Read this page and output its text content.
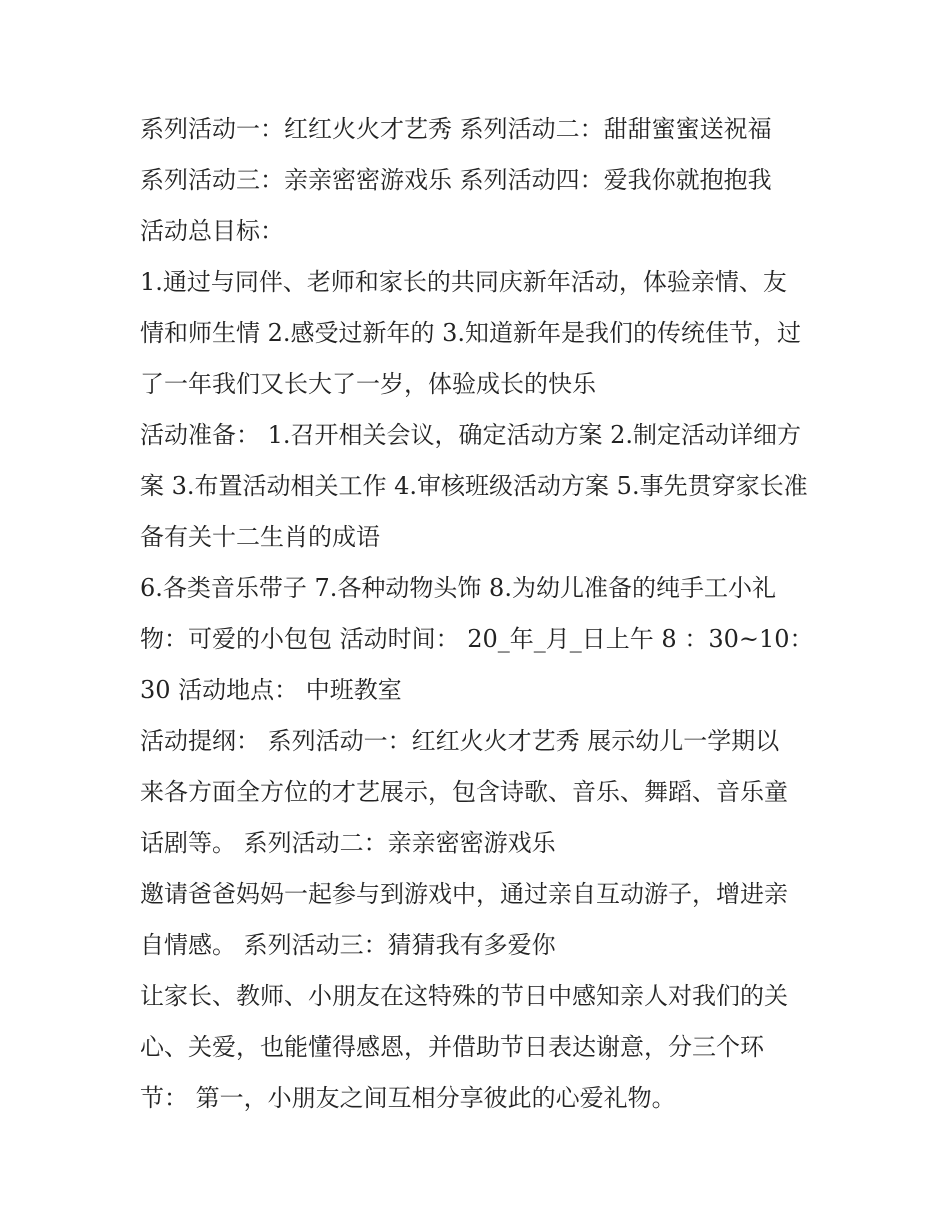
系列活动一：红红火火才艺秀 系列活动二：甜甜蜜蜜送祝福
系列活动三：亲亲密密游戏乐 系列活动四：爱我你就抱抱我
活动总目标：
1.通过与同伴、老师和家长的共同庆新年活动，体验亲情、友
情和师生情 2.感受过新年的 3.知道新年是我们的传统佳节，过
了一年我们又长大了一岁，体验成长的快乐
活动准备： 1.召开相关会议，确定活动方案 2.制定活动详细方
案 3.布置活动相关工作 4.审核班级活动方案 5.事先贯穿家长准
备有关十二生肖的成语
6.各类音乐带子 7.各种动物头饰 8.为幼儿准备的纯手工小礼
物：可爱的小包包 活动时间： 20_年_月_日上午 8 ：30~10：
30 活动地点： 中班教室
活动提纲： 系列活动一：红红火火才艺秀 展示幼儿一学期以
来各方面全方位的才艺展示，包含诗歌、音乐、舞蹈、音乐童
话剧等。 系列活动二：亲亲密密游戏乐
邀请爸爸妈妈一起参与到游戏中，通过亲自互动游子，增进亲
自情感。 系列活动三：猜猜我有多爱你
让家长、教师、小朋友在这特殊的节日中感知亲人对我们的关
心、关爱，也能懂得感恩，并借助节日表达谢意，分三个环
节： 第一，小朋友之间互相分享彼此的心爱礼物。
